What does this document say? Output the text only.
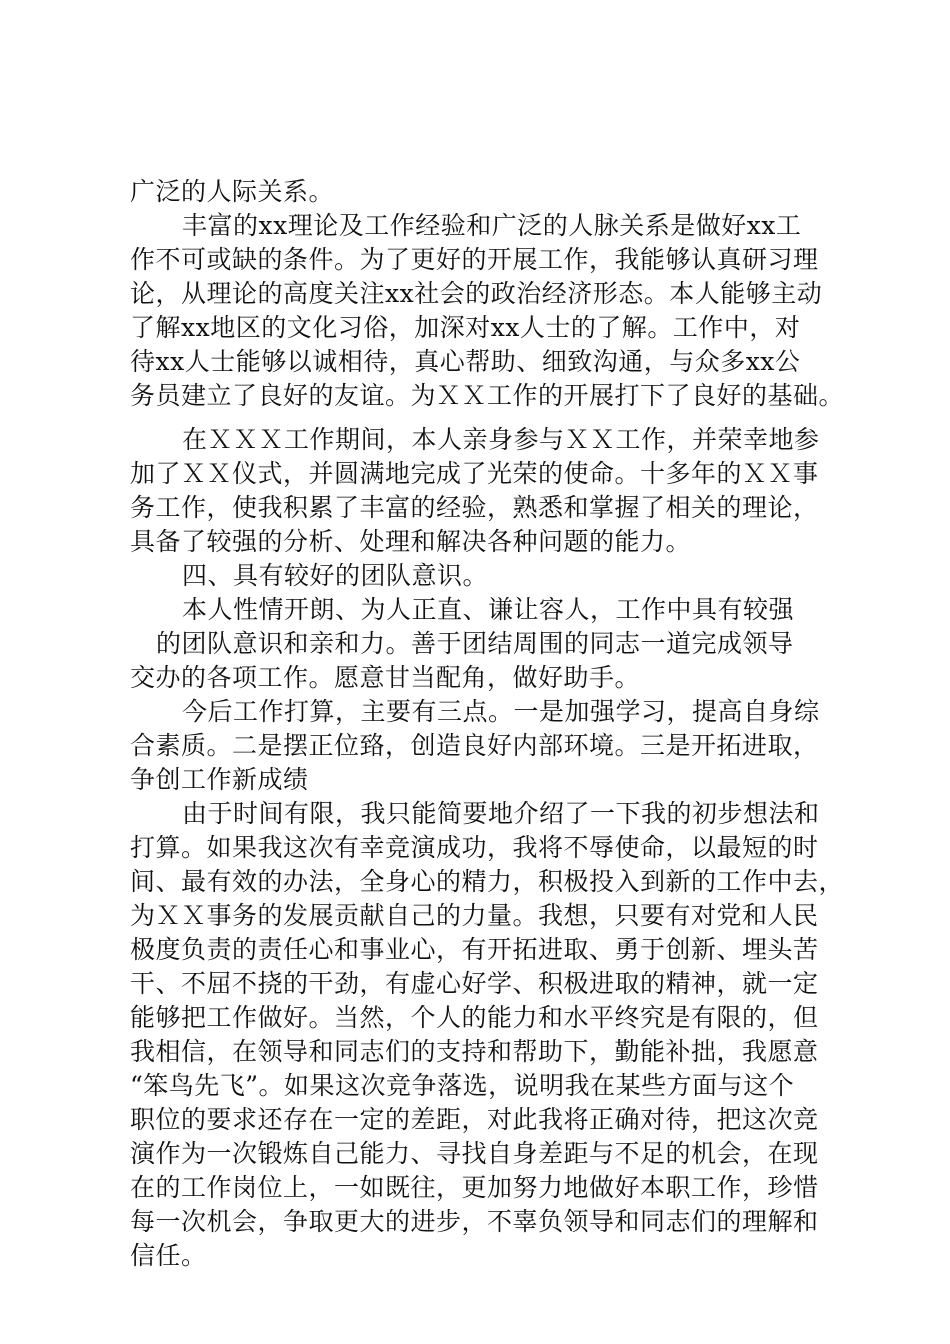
广泛的人际关系。
丰富的xx理论及工作经验和广泛的人脉关系是做好xx工
作不可或缺的条件。为了更好的开展工作，我能够认真研习理
论，从理论的高度关注xx社会的政治经济形态。本人能够主动
了解xx地区的文化习俗，加深对xx人士的了解。工作中，对
待xx人士能够以诚相待，真心帮助、细致沟通，与众多xx公
务员建立了良好的友谊。为ＸＸ工作的开展打下了良好的基础。
在ＸＸＸ工作期间，本人亲身参与ＸＸ工作，并荣幸地参
加了ＸＸ仪式，并圆满地完成了光荣的使命。十多年的ＸＸ事
务工作，使我积累了丰富的经验，熟悉和掌握了相关的理论，
具备了较强的分析、处理和解决各种问题的能力。
四、具有较好的团队意识。
本人性情开朗、为人正直、谦让容人，工作中具有较强
的团队意识和亲和力。善于团结周围的同志一道完成领导
交办的各项工作。愿意甘当配角，做好助手。
今后工作打算，主要有三点。一是加强学习，提高自身综
合素质。二是摆正位臵，创造良好内部环境。三是开拓进取，
争创工作新成绩
由于时间有限，我只能简要地介绍了一下我的初步想法和
打算。如果我这次有幸竞演成功，我将不辱使命，以最短的时
间、最有效的办法，全身心的精力，积极投入到新的工作中去，
为ＸＸ事务的发展贡献自己的力量。我想，只要有对党和人民
极度负责的责任心和事业心，有开拓进取、勇于创新、埋头苦
干、不屈不挠的干劲，有虚心好学、积极进取的精神，就一定
能够把工作做好。当然，个人的能力和水平终究是有限的，但
我相信，在领导和同志们的支持和帮助下，勤能补拙，我愿意
“笨鸟先飞”。如果这次竞争落选，说明我在某些方面与这个
职位的要求还存在一定的差距，对此我将正确对待，把这次竞
演作为一次锻炼自己能力、寻找自身差距与不足的机会，在现
在的工作岗位上，一如既往，更加努力地做好本职工作，珍惜
每一次机会，争取更大的进步，不辜负领导和同志们的理解和
信任。
